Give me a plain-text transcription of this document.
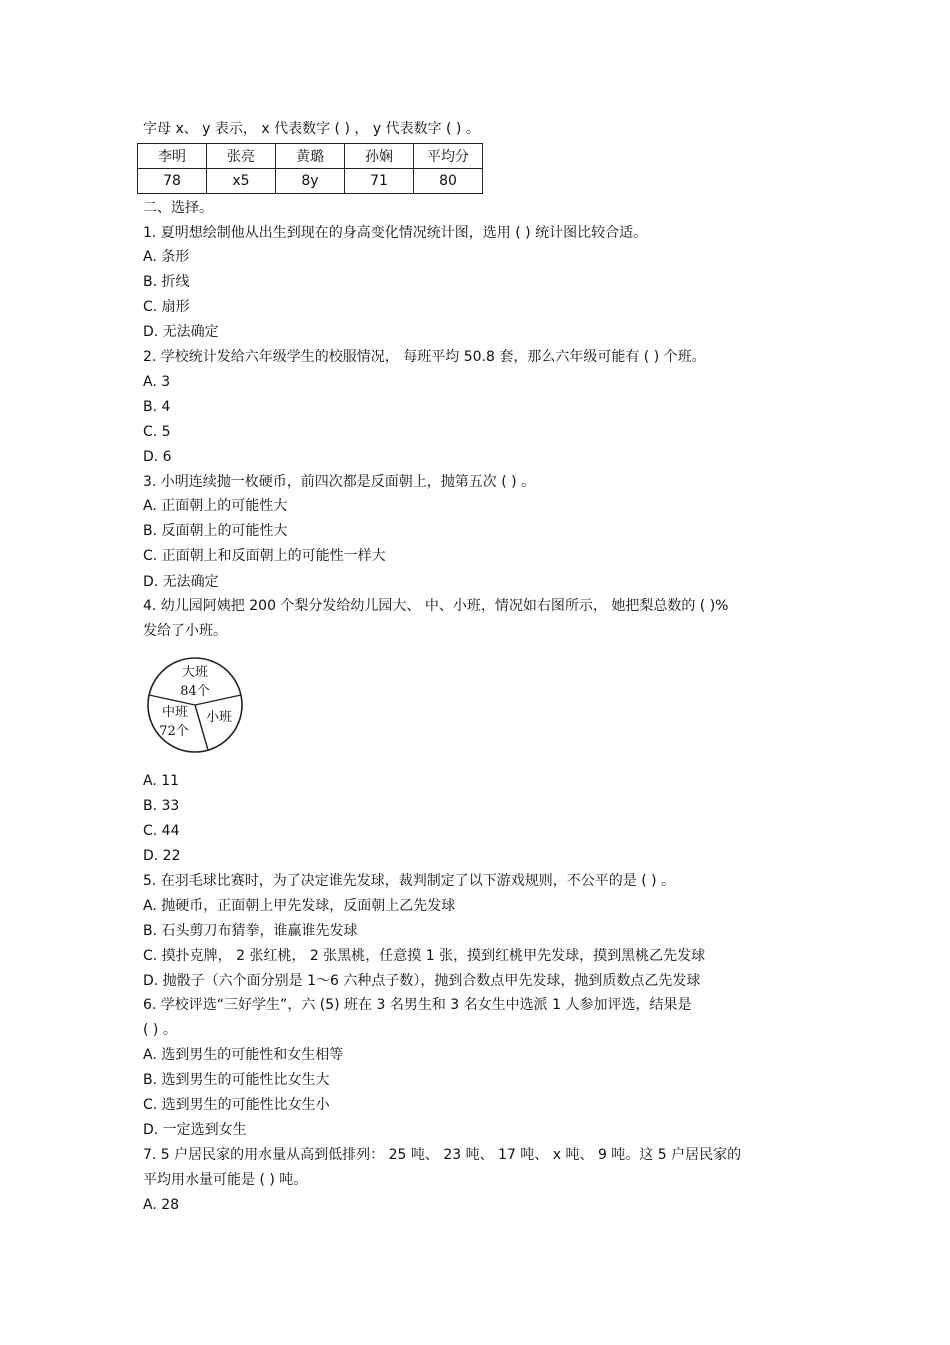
字母 x、 y 表示， x 代表数字 ( ) ， y 代表数字 ( ) 。
李明	张亮	黄璐	孙娴	平均分
78	x5	8y	71	80
二、选择。
1. 夏明想绘制他从出生到现在的身高变化情况统计图，选用 ( ) 统计图比较合适。
A. 条形
B. 折线
C. 扇形
D. 无法确定
2. 学校统计发给六年级学生的校服情况， 每班平均 50.8 套，那么六年级可能有 ( ) 个班。
A. 3
B. 4
C. 5
D. 6
3. 小明连续抛一枚硬币，前四次都是反面朝上，抛第五次 ( ) 。
A. 正面朝上的可能性大
B. 反面朝上的可能性大
C. 正面朝上和反面朝上的可能性一样大
D. 无法确定
4. 幼儿园阿姨把 200 个梨分发给幼儿园大、 中、小班，情况如右图所示， 她把梨总数的 ( )%
发给了小班。
大班
84个
中班
72个
小班
A. 11
B. 33
C. 44
D. 22
5. 在羽毛球比赛时，为了决定谁先发球，裁判制定了以下游戏规则，不公平的是 ( ) 。
A. 抛硬币，正面朝上甲先发球，反面朝上乙先发球
B. 石头剪刀布猜拳，谁赢谁先发球
C. 摸扑克牌， 2 张红桃， 2 张黑桃，任意摸 1 张，摸到红桃甲先发球，摸到黑桃乙先发球
D. 抛骰子（六个面分别是 1～6 六种点子数），抛到合数点甲先发球，抛到质数点乙先发球
6. 学校评选“三好学生”，六 (5) 班在 3 名男生和 3 名女生中选派 1 人参加评选，结果是
( ) 。
A. 选到男生的可能性和女生相等
B. 选到男生的可能性比女生大
C. 选到男生的可能性比女生小
D. 一定选到女生
7. 5 户居民家的用水量从高到低排列： 25 吨、 23 吨、 17 吨、 x 吨、 9 吨。这 5 户居民家的
平均用水量可能是 ( ) 吨。
A. 28
